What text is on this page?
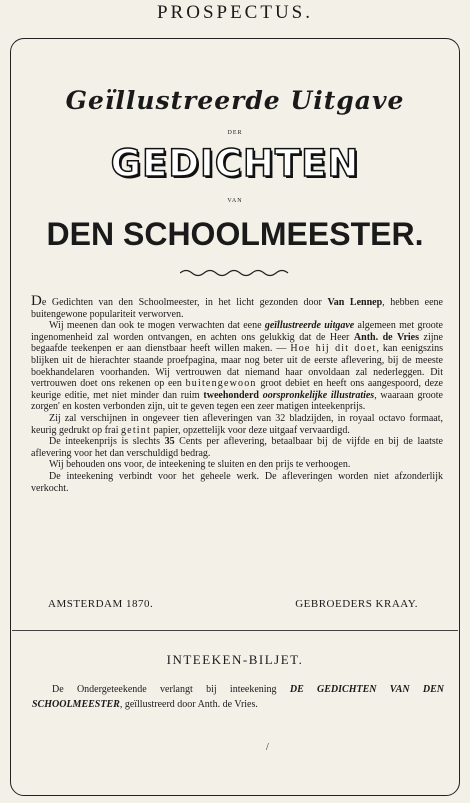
PROSPECTUS.
Geïllustreerde Uitgave
DER
GEDICHTEN
VAN
DEN SCHOOLMEESTER.

De Gedichten van den Schoolmeester, in het licht gezonden door Van Lennep, hebben eene buitengewone populariteit verworven.

Wij meenen dan ook te mogen verwachten dat eene geïllustreerde uitgave algemeen met groote ingenomenheid zal worden ontvangen, en achten ons gelukkig dat de Heer Anth. de Vries zijne begaafde teekenpen er aan dienstbaar heeft willen maken. — Hoe hij dit doet, kan eenigszins blijken uit de hierachter staande proefpagina, maar nog beter uit de eerste aflevering, bij de meeste boekhandelaren voorhanden. Wij vertrouwen dat niemand haar onvoldaan zal nederleggen. Dit vertrouwen doet ons rekenen op een buitengewoon groot debiet en heeft ons aangespoord, deze keurige editie, met niet minder dan ruim tweehonderd oorspronkelijke illustraties, waaraan groote zorgen' en kosten verbonden zijn, uit te geven tegen een zeer matigen inteekenprijs.

Zij zal verschijnen in ongeveer tien afleveringen van 32 bladzijden, in royaal octavo formaat, keurig gedrukt op frai getint papier, opzettelijk voor deze uitgaaf vervaardigd.

De inteekenprijs is slechts 35 Cents per aflevering, betaalbaar bij de vijfde en bij de laatste aflevering voor het dan verschuldigd bedrag.

Wij behouden ons voor, de inteekening te sluiten en den prijs te verhoogen.

De inteekening verbindt voor het geheele werk. De afleveringen worden niet afzonderlijk verkocht.

AMSTERDAM 1870.	GEBROEDERS KRAAY.
INTEEKEN-BILJET.

De Ondergeteekende verlangt bij inteekening DE GEDICHTEN VAN DEN SCHOOLMEESTER, geïllustreerd door Anth. de Vries.

/
